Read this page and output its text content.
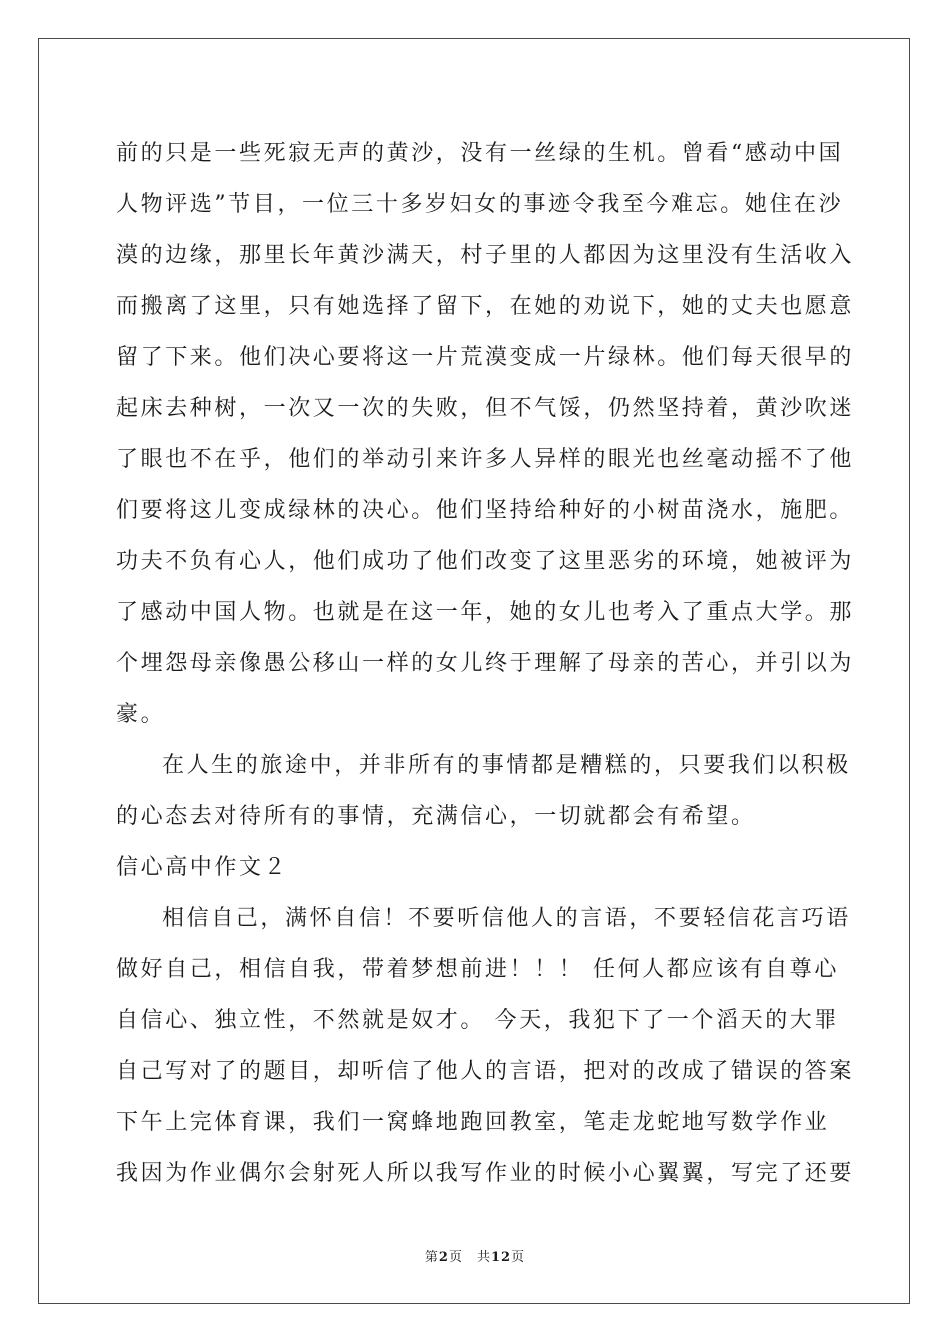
前的只是一些死寂无声的黄沙，没有一丝绿的生机。曾看“感动中国
人物评选”节目，一位三十多岁妇女的事迹令我至今难忘。她住在沙
漠的边缘，那里长年黄沙满天，村子里的人都因为这里没有生活收入
而搬离了这里，只有她选择了留下，在她的劝说下，她的丈夫也愿意
留了下来。他们决心要将这一片荒漠变成一片绿林。他们每天很早的
起床去种树，一次又一次的失败，但不气馁，仍然坚持着，黄沙吹迷
了眼也不在乎，他们的举动引来许多人异样的眼光也丝毫动摇不了他
们要将这儿变成绿林的决心。他们坚持给种好的小树苗浇水，施肥。
功夫不负有心人，他们成功了他们改变了这里恶劣的环境，她被评为
了感动中国人物。也就是在这一年，她的女儿也考入了重点大学。那
个埋怨母亲像愚公移山一样的女儿终于理解了母亲的苦心，并引以为
豪。
在人生的旅途中，并非所有的事情都是糟糕的，只要我们以积极
的心态去对待所有的事情，充满信心，一切就都会有希望。
信心高中作文２
相信自己，满怀自信！不要听信他人的言语，不要轻信花言巧语
做好自己，相信自我，带着梦想前进！！！ 任何人都应该有自尊心
自信心、独立性，不然就是奴才。 今天，我犯下了一个滔天的大罪
自己写对了的题目，却听信了他人的言语，把对的改成了错误的答案
下午上完体育课，我们一窝蜂地跑回教室，笔走龙蛇地写数学作业
我因为作业偶尔会射死人所以我写作业的时候小心翼翼，写完了还要
第2页 共12页
